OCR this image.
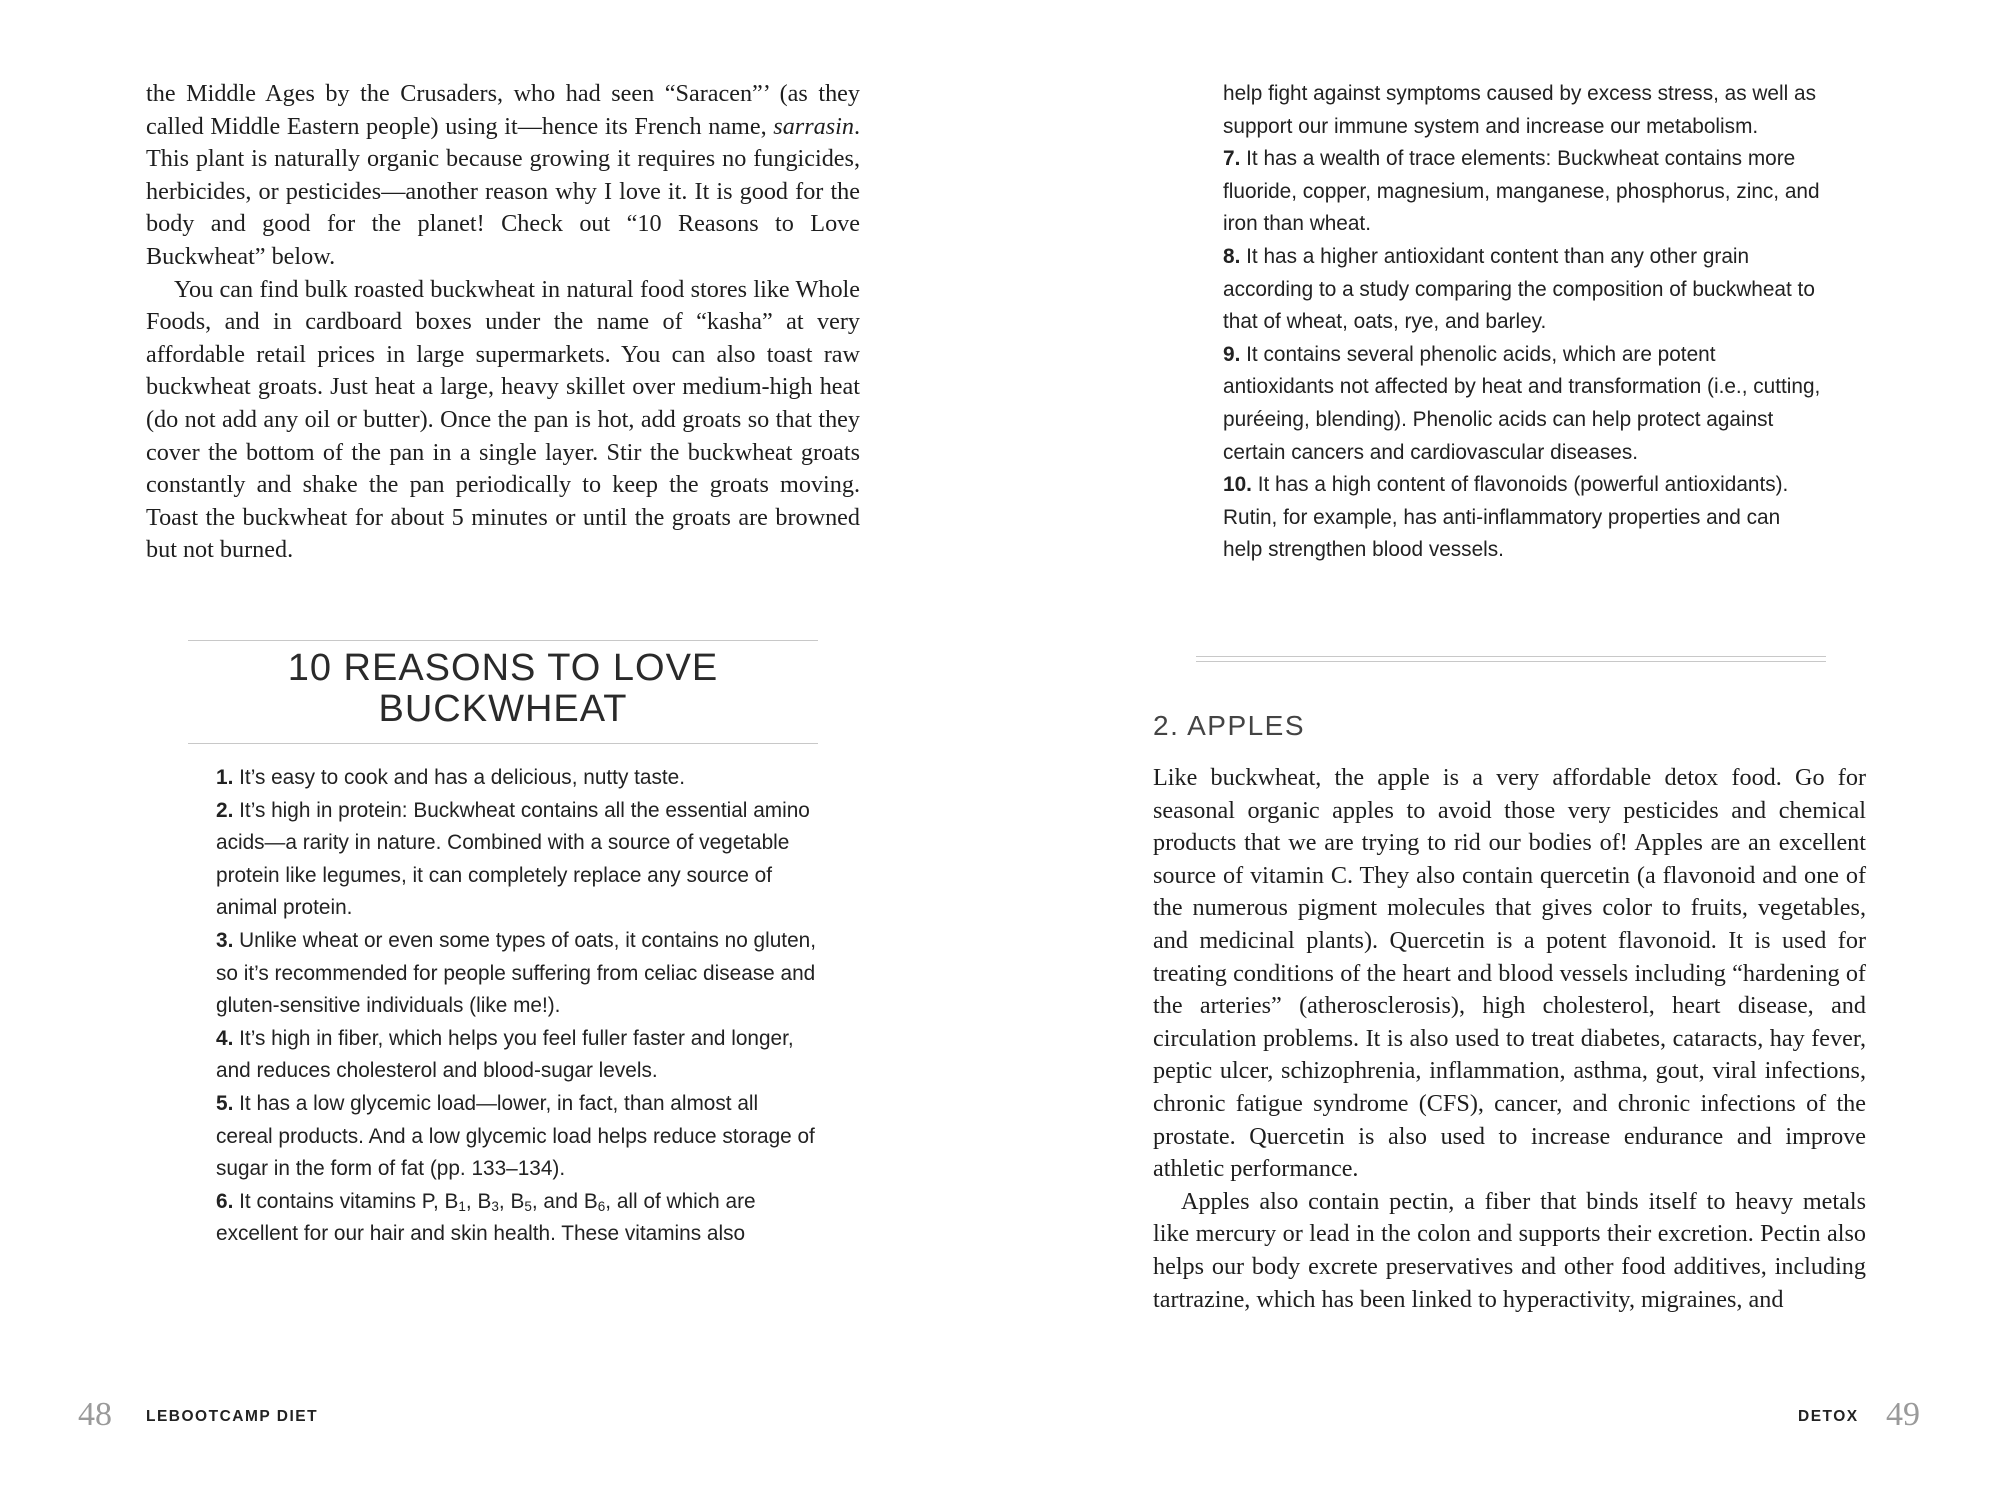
the Middle Ages by the Crusaders, who had seen “Saracen”’ (as they called Middle Eastern people) using it—hence its French name, sarrasin. This plant is naturally organic because growing it requires no fungicides, herbicides, or pesticides—another reason why I love it. It is good for the body and good for the planet! Check out “10 Reasons to Love Buckwheat” below.

You can find bulk roasted buckwheat in natural food stores like Whole Foods, and in cardboard boxes under the name of “kasha” at very affordable retail prices in large supermarkets. You can also toast raw buckwheat groats. Just heat a large, heavy skillet over medium-high heat (do not add any oil or butter). Once the pan is hot, add groats so that they cover the bottom of the pan in a single layer. Stir the buckwheat groats constantly and shake the pan periodically to keep the groats moving. Toast the buckwheat for about 5 minutes or until the groats are browned but not burned.

10 REASONS TO LOVE
BUCKWHEAT

1. It’s easy to cook and has a delicious, nutty taste.

2. It’s high in protein: Buckwheat contains all the essential amino acids—a rarity in nature. Combined with a source of vegetable protein like legumes, it can completely replace any source of animal protein.

3. Unlike wheat or even some types of oats, it contains no gluten, so it’s recommended for people suffering from celiac disease and gluten-sensitive individuals (like me!).

4. It’s high in fiber, which helps you feel fuller faster and longer, and reduces cholesterol and blood-sugar levels.

5. It has a low glycemic load—lower, in fact, than almost all cereal products. And a low glycemic load helps reduce storage of sugar in the form of fat (pp. 133–134).

6. It contains vitamins P, $B_1$, $B_3$, $B_5$, and $B_6$, all of which are excellent for our hair and skin health. These vitamins also

48 LEBOOTCAMP DIET

help fight against symptoms caused by excess stress, as well as support our immune system and increase our metabolism.

7. It has a wealth of trace elements: Buckwheat contains more fluoride, copper, magnesium, manganese, phosphorus, zinc, and iron than wheat.

8. It has a higher antioxidant content than any other grain according to a study comparing the composition of buckwheat to that of wheat, oats, rye, and barley.

9. It contains several phenolic acids, which are potent antioxidants not affected by heat and transformation (i.e., cutting, puréeing, blending). Phenolic acids can help protect against certain cancers and cardiovascular diseases.

10. It has a high content of flavonoids (powerful antioxidants). Rutin, for example, has anti-inflammatory properties and can help strengthen blood vessels.

2. APPLES

Like buckwheat, the apple is a very affordable detox food. Go for seasonal organic apples to avoid those very pesticides and chemical products that we are trying to rid our bodies of! Apples are an excellent source of vitamin C. They also contain quercetin (a flavonoid and one of the numerous pigment molecules that gives color to fruits, vegetables, and medicinal plants). Quercetin is a potent flavonoid. It is used for treating conditions of the heart and blood vessels including “hardening of the arteries” (atherosclerosis), high cholesterol, heart disease, and circulation problems. It is also used to treat diabetes, cataracts, hay fever, peptic ulcer, schizophrenia, inflammation, asthma, gout, viral infections, chronic fatigue syndrome (CFS), cancer, and chronic infections of the prostate. Quercetin is also used to increase endurance and improve athletic performance.

Apples also contain pectin, a fiber that binds itself to heavy metals like mercury or lead in the colon and supports their excretion. Pectin also helps our body excrete preservatives and other food additives, including tartrazine, which has been linked to hyperactivity, migraines, and

DETOX 49
